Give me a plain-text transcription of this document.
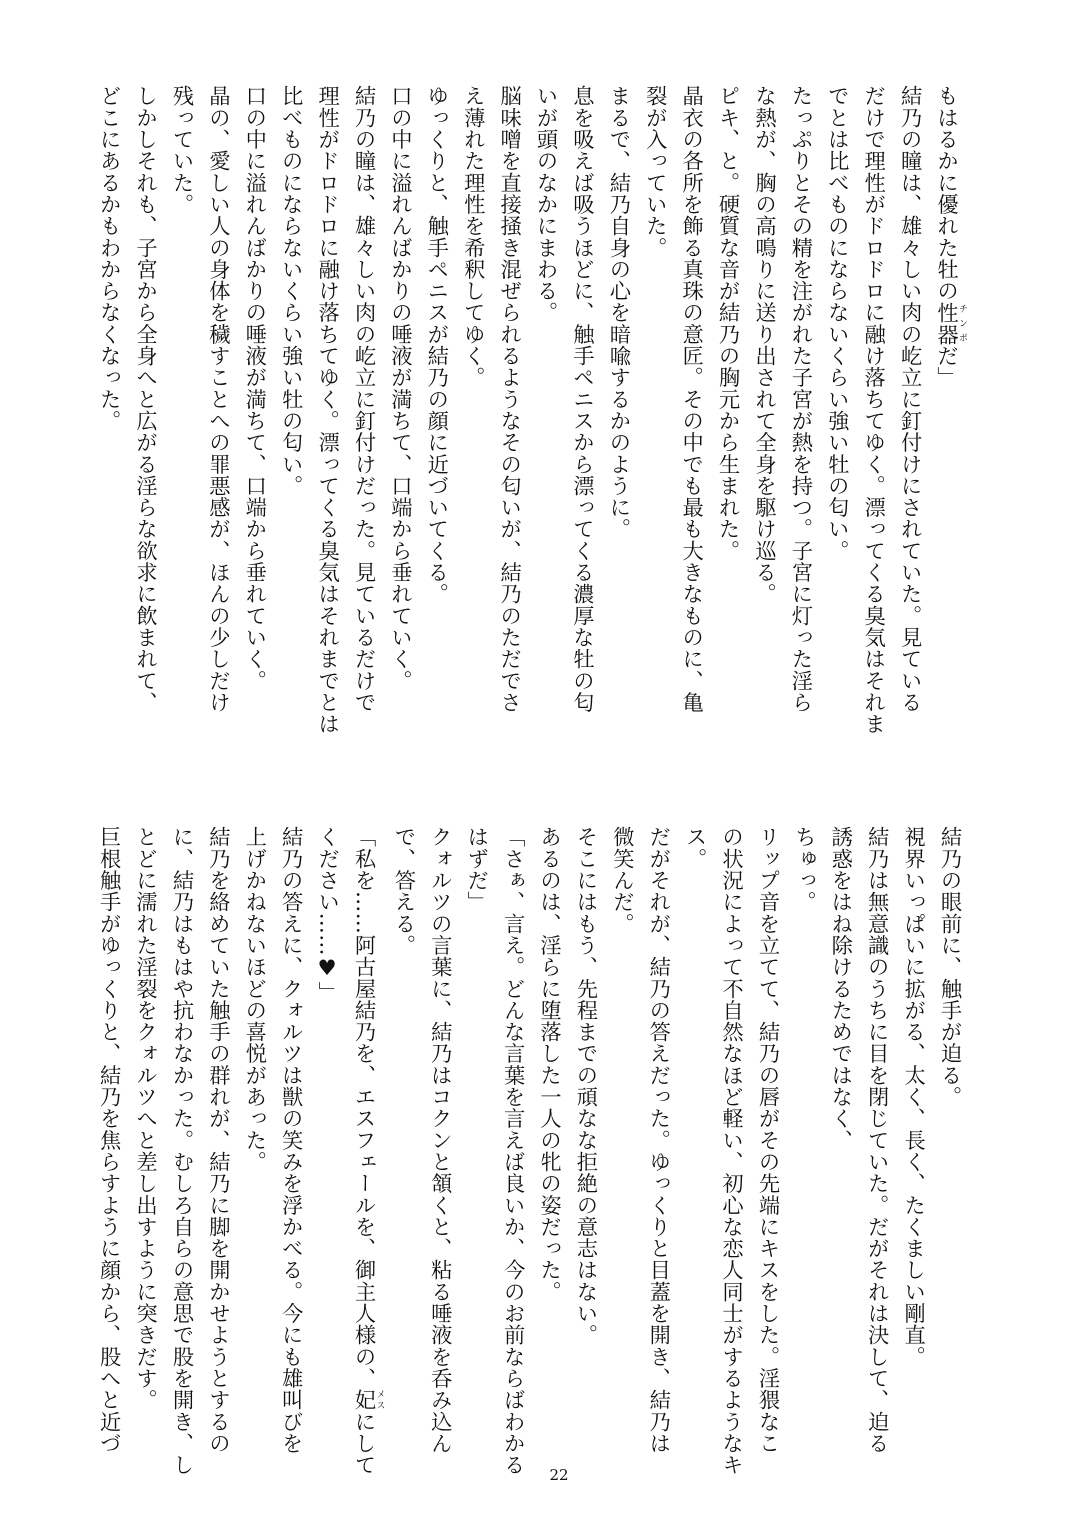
もはるかに優れた牡の性器チンポだ」
結乃の瞳は、雄々しい肉の屹立に釘付けにされていた。見ている
だけで理性がドロドロに融け落ちてゆく。漂ってくる臭気はそれま
でとは比べものにならないくらい強い牡の匂い。
たっぷりとその精を注がれた子宮が熱を持つ。子宮に灯った淫ら
な熱が、胸の高鳴りに送り出されて全身を駆け巡る。
ピキ、と。硬質な音が結乃の胸元から生まれた。
晶衣の各所を飾る真珠の意匠。その中でも最も大きなものに、亀
裂が入っていた。
まるで、結乃自身の心を暗喩するかのように。
息を吸えば吸うほどに、触手ペニスから漂ってくる濃厚な牡の匂
いが頭のなかにまわる。
脳味噌を直接掻き混ぜられるようなその匂いが、結乃のただでさ
え薄れた理性を希釈してゆく。
ゆっくりと、触手ペニスが結乃の顔に近づいてくる。
口の中に溢れんばかりの唾液が満ちて、口端から垂れていく。
結乃の瞳は、雄々しい肉の屹立に釘付けだった。見ているだけで
理性がドロドロに融け落ちてゆく。漂ってくる臭気はそれまでとは
比べものにならないくらい強い牡の匂い。
口の中に溢れんばかりの唾液が満ちて、口端から垂れていく。
晶の、愛しい人の身体を穢すことへの罪悪感が、ほんの少しだけ
残っていた。
しかしそれも、子宮から全身へと広がる淫らな欲求に飲まれて、
どこにあるかもわからなくなった。
結乃の眼前に、触手が迫る。
視界いっぱいに拡がる、太く、長く、たくましい剛直。
結乃は無意識のうちに目を閉じていた。だがそれは決して、迫る
誘惑をはね除けるためではなく、
ちゅっ。
リップ音を立てて、結乃の唇がその先端にキスをした。淫猥なこ
の状況によって不自然なほど軽い、初心な恋人同士がするようなキ
ス。
だがそれが、結乃の答えだった。ゆっくりと目蓋を開き、結乃は
微笑んだ。
そこにはもう、先程までの頑なな拒絶の意志はない。
あるのは、淫らに堕落した一人の牝の姿だった。
「さぁ、言え。どんな言葉を言えば良いか、今のお前ならばわかる
はずだ」
クォルツの言葉に、結乃はコクンと頷くと、粘る唾液を呑み込ん
で、答える。
「私を……阿古屋結乃を、エスフェールを、御主人様の、妃メスにして
ください……♥」
結乃の答えに、クォルツは獣の笑みを浮かべる。今にも雄叫びを
上げかねないほどの喜悦があった。
結乃を絡めていた触手の群れが、結乃に脚を開かせようとするの
に、結乃はもはや抗わなかった。むしろ自らの意思で股を開き、し
とどに濡れた淫裂をクォルツへと差し出すように突きだす。
巨根触手がゆっくりと、結乃を焦らすように顔から、股へと近づ
22
